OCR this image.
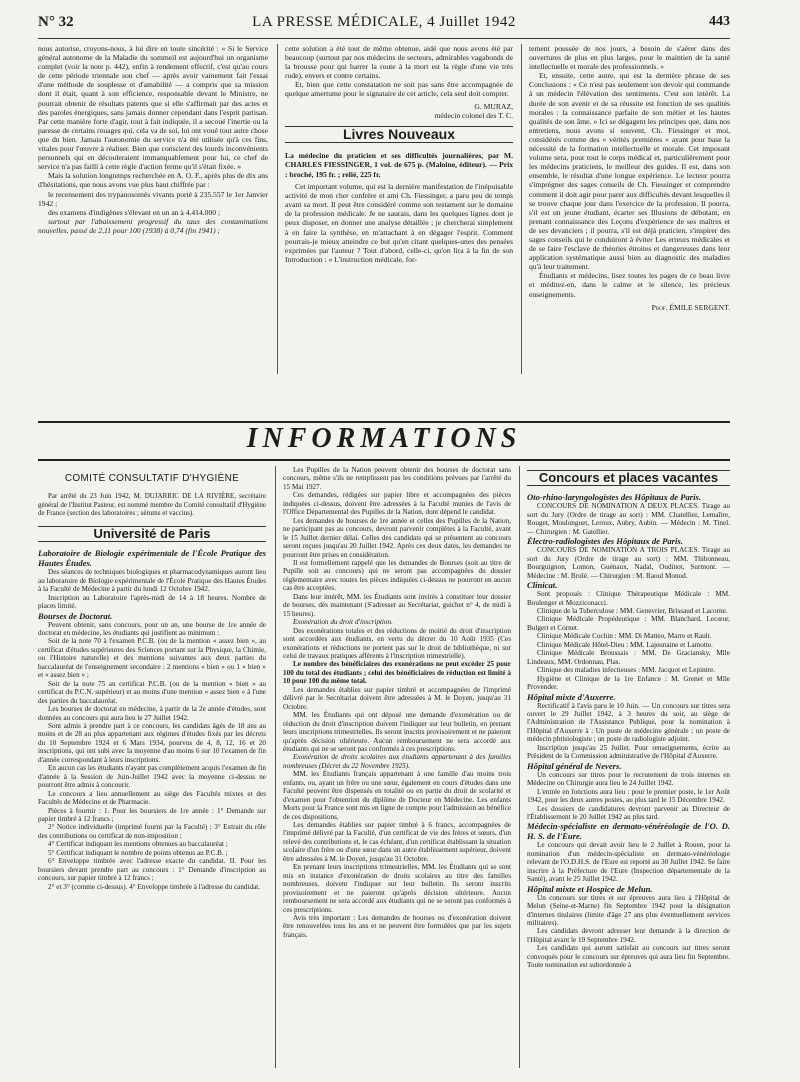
N° 32	LA PRESSE MÉDICALE, 4 Juillet 1942	443

nous autorise, croyons-nous, à lui dire en toute sincérité : « Si le Service général autonome de la Maladie du sommeil est aujourd'hui un organisme complet (voir la note p. 442), enfin à rendement effectif, c'est qu'au cours de cette période triennale son chef — après avoir vainement fait l'essai d'une méthode de souplesse et d'amabilité — a compris que sa mission dont il était, quant à son efficience, responsable devant le Ministre, ne pourrait obtenir de résultats patents que si elle s'affirmait par des actes et des paroles énergiques, sans jamais donner cependant dans l'esprit partisan. Par cette manière forte d'agir, tout à fait indiquée, il a secoué l'inertie ou la paresse de certains rouages qui, cela va de soi, lui ont voué tout autre chose que du bien. Jamais l'autonomie du service n'a été utilisée qu'à ces fins, vitales pour l'œuvre à réaliser. Bien que conscient des lourds inconvénients personnels qui en découleraient immanquablement pour lui, ce chef de service n'a pas failli à cette règle d'action ferme qu'il s'était fixée. »

Mais la solution longtemps recherchée en A. O. F., après plus de dix ans d'hésitations, que nous avons vue plus haut chiffrée par :

le recensement des trypanosomés vivants porté à 235.557 le 1er Janvier 1942 ;

des examens d'indigènes s'élevant en un an à 4.414.000 ;

surtout par l'abaissement progressif du taux des contaminations nouvelles, passé de 2,11 pour 100 (1938) à 0,74 (fin 1941) ;

cette solution a été tout de même obtenue, aidé que nous avons été par beaucoup (surtout par nos médecins de secteurs, admirables vagabonds de la brousse pour qui barrer la route à la mort est la règle d'une vie très rude), envers et contre certains.

Et, bien que cette constatation ne soit pas sans être accompagnée de quelque amertume pour le signataire de cet article, cela seul doit compter.

G. MURAZ,

médecin colonel des T. C.

Livres Nouveaux

La médecine du praticien et ses difficultés journalières, par M. CHARLES FIESSINGER, 1 vol. de 675 p. (Maloine, éditeur). — Prix : broché, 195 fr. ; relié, 225 fr.

Cet important volume, qui est la dernière manifestation de l'inépuisable activité de mon cher confrère et ami Ch. Fiessinger, a paru peu de temps avant sa mort. Il peut être considéré comme son testament sur le domaine de la profession médicale. Je ne saurais, dans les quelques lignes dont je peux disposer, en donner une analyse détaillée ; je chercherai simplement à en faire la synthèse, en m'attachant à en dégager l'esprit. Comment pourrais-je mieux atteindre ce but qu'en citant quelques-unes des pensées exprimées par l'auteur ? Tout d'abord, celle-ci, qu'on lira à la fin de son Introduction : « L'instruction médicale, for-

tement poussée de nos jours, a besoin de s'aérer dans des ouvertures de plus en plus larges, pour le maintien de la santé intellectuelle et morale des professionnels. »

Et, ensuite, cette autre, qui est la dernière phrase de ses Conclusions : « Ce n'est pas seulement son devoir qui commande à un médecin l'élévation des sentiments. C'est son intérêt. La durée de son avenir et de sa réussite est fonction de ses qualités morales : la connaissance parfaite de son métier et les hautes qualités de son âme. » Ici se dégagent les principes que, dans nos entretiens, nous avons si souvent, Ch. Fiessinger et moi, considérés comme des « vérités premières » ayant pour base la nécessité de la formation intellectuelle et morale. Cet imposant volume sera, pour tout le corps médical et, particulièrement pour les médecins praticiens, le meilleur des guides. Il est, dans son ensemble, le résultat d'une longue expérience. Le lecteur pourra s'imprégner des sages conseils de Ch. Fiessinger et comprendre comment il doit agir pour parer aux difficultés devant lesquelles il se trouve chaque jour dans l'exercice de la profession. Il pourra, s'il est un jeune étudiant, écarter ses Illusions de débutant, en prenant connaissance des Leçons d'expérience de ses maîtres et de ses devanciers ; il pourra, s'il est déjà praticien, s'inspirer des sages conseils qui le conduiront à éviter Les erreurs médicales et de se faire l'esclave de théories étroites et dangereuses dans leur application systématique aussi bien au diagnostic des maladies qu'à leur traitement.

Étudiants et médecins, lisez toutes les pages de ce beau livre et méditez-en, dans le calme et le silence, les précieux enseignements.

Prof. ÉMILE SERGENT.

INFORMATIONS
COMITÉ CONSULTATIF D'HYGIÈNE

Par arrêté du 23 Juin 1942, M. DUJARRIC DE LA RIVIÈRE, secrétaire général de l'Institut Pasteur, est nommé membre du Comité consultatif d'Hygiène de France (section des laboratoires ; sérums et vaccins).

Université de Paris

Laboratoire de Biologie expérimentale de l'École Pratique des Hautes Études.

Des séances de techniques biologiques et pharmacodynamiques auront lieu au laboratoire de Biologie expérimentale de l'École Pratique des Hautes Études à la Faculté de Médecine à partir du lundi 12 Octobre 1942.

Inscription au Laboratoire l'après-midi de 14 à 18 heures. Nombre de places limité.

Bourses de Doctorat.

Peuvent obtenir, sans concours, pour un an, une bourse de 1re année de doctorat en médecine, les étudiants qui justifient au minimum :

Soit de la note 70 à l'examen P.C.B. (ou de la mention « assez bien », au certificat d'études supérieures des Sciences portant sur la Physique, la Chimie, ou l'Histoire naturelle) et des mentions suivantes aux deux parties du baccalauréat de l'enseignement secondaire : 2 mentions « bien » ou 1 « bien » et « assez bien » ;

Soit de la note 75 au certificat P.C.B. (ou de la mention « bien » au certificat du P.C.N. supérieur) et au moins d'une mention « assez bien » à l'une des parties du baccalauréat.

Les bourses de doctorat en médecine, à partir de la 2e année d'études, sont données au concours qui aura lieu le 27 Juillet 1942.

Sont admis à prendre part à ce concours, les candidats âgés de 18 ans au moins et de 28 au plus appartenant aux régimes d'études fixés par les décrets du 10 Septembre 1924 et 6 Mars 1934, pourvus de 4, 8, 12, 16 et 20 inscriptions, qui ont subi avec la moyenne d'au moins 6 sur 10 l'examen de fin d'année correspondant à leurs inscriptions.

En aucun cas les étudiants n'ayant pas complètement acquis l'examen de fin d'année à la Session de Juin-Juillet 1942 avec la moyenne ci-dessus ne pourront être admis à concourir.

Le concours a lieu annuellement au siège des Facultés mixtes et des Facultés de Médecine et de Pharmacie.

Pièces à fournir : 1. Pour les boursiers de 1re année : 1° Demande sur papier timbré à 12 francs ;

2° Notice individuelle (imprimé fourni par la Faculté) ; 3° Extrait du rôle des contributions ou certificat de non-imposition ;

4° Certificat indiquant les mentions obtenues au baccalauréat ;

5° Certificat indiquant le nombre de points obtenus au P.C.B. ;

6° Enveloppe timbrée avec l'adresse exacte du candidat. II. Pour les boursiers devant prendre part au concours : 1° Demande d'inscription au concours, sur papier timbré à 12 francs ;

2° et 3° (comme ci-dessus). 4° Enveloppe timbrée à l'adresse du candidat.

Les Pupilles de la Nation peuvent obtenir des bourses de doctorat sans concours, même s'ils ne remplissent pas les conditions prévues par l'arrêté du 15 Mai 1927.

Ces demandes, rédigées sur papier libre et accompagnées des pièces indiquées ci-dessus, doivent être adressées à la Faculté munies de l'avis de l'Office Départemental des Pupilles de la Nation, dont dépend le candidat.

Les demandes de bourses de 1re année et celles des Pupilles de la Nation, ne participant pas au concours, devront parvenir complètes à la Faculté, avant le 15 Juillet dernier délai. Celles des candidats qui se présentent au concours seront reçues jusqu'au 20 Juillet 1942. Après ces deux dates, les demandes ne pourront être prises en considération.

Il est formellement rappelé que les demandes de Bourses (soit au titre de Pupille soit au concours) qui ne seront pas accompagnées du dossier réglementaire avec toutes les pièces indiquées ci-dessus ne pourront en aucun cas être acceptées.

Dans leur intérêt, MM. les Étudiants sont invités à constituer leur dossier de bourses, dès maintenant (S'adresser au Secrétariat, guichet n° 4, de midi à 15 heures).

Exonération du droit d'inscription.

Des exonérations totales et des réductions de moitié du droit d'inscription sont accordées aux étudiants, en vertu du décret du 10 Août 1935 (Ces exonérations et réductions ne portent pas sur le droit de bibliothèque, ni sur celui de travaux pratiques afférents à l'inscription trimestrielle).

Le nombre des bénéficiaires des exonérations ne peut excéder 25 pour 100 du total des étudiants ; celui des bénéficiaires de réduction est limité à 10 pour 100 du même total.

Les demandes établies sur papier timbré et accompagnées de l'imprimé délivré par le Secrétariat doivent être adressées à M. le Doyen, jusqu'au 31 Octobre.

MM. les Étudiants qui ont déposé une demande d'exonération ou de réduction du droit d'inscription doivent l'indiquer sur leur bulletin, en prenant leurs inscriptions trimestrielles. Ils seront inscrits provisoirement et ne paieront qu'après décision ultérieure. Aucun remboursement ne sera accordé aux étudiants qui ne se seront pas conformés à ces prescriptions.

Exonération de droits scolaires aux étudiants appartenant à des familles nombreuses (Décret du 22 Novembre 1925).

MM. les Étudiants français appartenant à une famille d'au moins trois enfants, ou, ayant un frère ou une sœur, également en cours d'études dans une Faculté peuvent être dispensés en totalité ou en partie du droit de scolarité et d'examen pour l'obtention du diplôme de Docteur en Médecine. Les enfants Morts pour la France sont mis en ligne de compte pour l'admission au bénéfice de ces dispositions.

Les demandes établies sur papier timbré à 6 francs, accompagnées de l'imprimé délivré par la Faculté, d'un certificat de vie des frères et sœurs, d'un relevé des contributions et, le cas échéant, d'un certificat établissant la situation scolaire d'un frère ou d'une sœur dans un autre établissement supérieur, doivent être adressées à M. le Doyen, jusqu'au 31 Octobre.

En prenant leurs inscriptions trimestrielles, MM. les Étudiants qui se sont mis en instance d'exonération de droits scolaires au titre des familles nombreuses, doivent l'indiquer sur leur bulletin. Ils seront inscrits provisoirement et ne paieront qu'après décision ultérieure. Aucun remboursement ne sera accordé aux étudiants qui ne se seront pas conformés à ces prescriptions.

Avis très important : Les demandes de bourses ou d'exonération doivent être renouvelées tous les ans et ne peuvent être formulées que par les sujets français.

Concours et places vacantes

Oto-rhino-laryngologistes des Hôpitaux de Paris.

CONCOURS DE NOMINATION A DEUX PLACES. Tirage au sort du Jury (Ordre de tirage au sort) : MM. Chatellier, Lemaître, Rouget, Moulonguet, Leroux, Aubry, Aubin. — Médecin : M. Tinel. — Chirurgien : M. Gatellier.

Électro-radiologistes des Hôpitaux de Paris.

CONCOURS DE NOMINATION A TROIS PLACES. Tirage au sort du Jury (Ordre de tirage au sort) : MM. Thibonneau, Bourguignon, Lomon, Guénaux, Nadal, Oudinot, Surmont. — Médecine : M. Brulé. — Chirurgien : M. Raoul Monod.

Clinicat.

Sont proposés : Clinique Thérapeutique Médicale : MM. Boulenger et Mozziconacci.

Clinique de la Tuberculose : MM. Genevrier, Brissaud et Lacorne.

Clinique Médicale Propédeutique : MM. Blanchard, Lecœur, Bulgert et Cornet.

Clinique Médicale Cochin : MM. Di Matteo, Marre et Rault.

Clinique Médicale Hôtel-Dieu : MM. Lajeunaine et Lamotte.

Clinique Médicale Broussais : MM. De Graciansky, Mlle Lindeaux, MM. Ordonnau, Plas.

Clinique des maladies infectieuses : MM. Jacquot et Lepintre.

Hygiène et Clinique de la 1re Enfance : M. Grenet et Mlle Provender.

Hôpital mixte d'Auxerre.

Rectificatif à l'avis paru le 10 Juin. — Un concours sur titres sera ouvert le 29 Juillet 1942, à 3 heures du soir, au siège de l'Administration de l'Assistance Publique, pour la nomination à l'Hôpital d'Auxerre à : Un poste de médecine générale ; un poste de médecin phtisiologiste ; un poste de radiologiste adjoint.

Inscription jusqu'au 25 Juillet. Pour renseignements, écrire au Président de la Commission administrative de l'Hôpital d'Auxerre.

Hôpital général de Nevers.

Un concours sur titres pour le recrutement de trois internes en Médecine ou Chirurgie aura lieu le 24 Juillet 1942.

L'entrée en fonctions aura lieu : pour le premier poste, le 1er Août 1942, pour les deux autres postes, au plus tard le 15 Décembre 1942.

Les dossiers de candidatures devront parvenir au Directeur de l'Établissement le 20 Juillet 1942 au plus tard.

Médecin-spécialiste en dermato-vénéréologie de l'O. D. H. S. de l'Eure.

Le concours qui devait avoir lieu le 2 Juillet à Rouen, pour la nomination d'un médecin-spécialiste en dermato-vénéréologie relevant de l'O.D.H.S. de l'Eure est reporté au 30 Juillet 1942. Se faire inscrire à la Préfecture de l'Eure (Inspection départementale de la Santé), avant le 25 Juillet 1942.

Hôpital mixte et Hospice de Melun.

Un concours sur titres et sur épreuves aura lieu à l'Hôpital de Melun (Seine-et-Marne) fin Septembre 1942 pour la désignation d'internes titulaires (limite d'âge 27 ans plus éventuellement services militaires).

Les candidats devront adresser leur demande à la direction de l'Hôpital avant le 19 Septembre 1942.

Les candidats qui auront satisfait au concours sur titres seront convoqués pour le concours sur épreuves qui aura lieu fin Septembre. Toute nomination est subordonnée à
